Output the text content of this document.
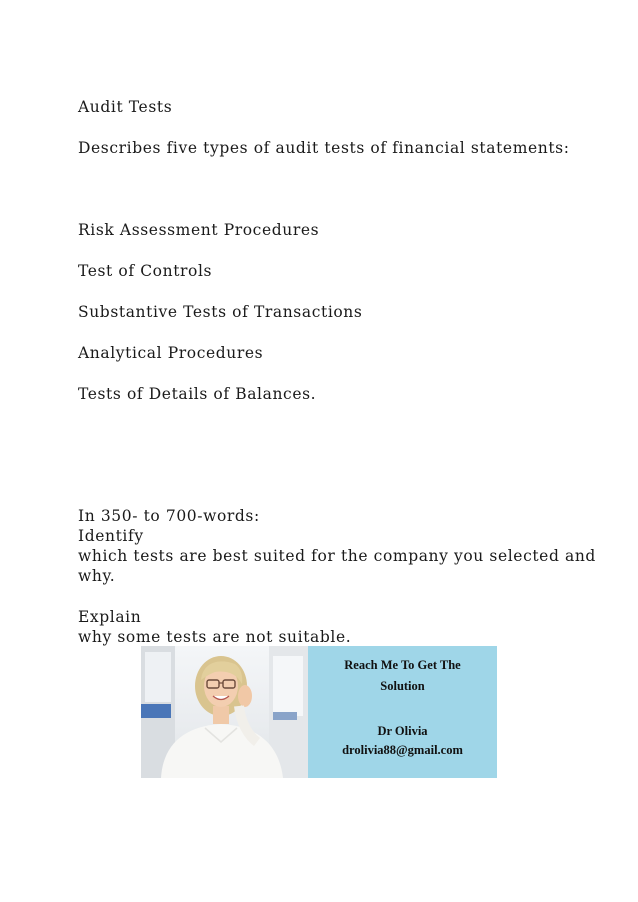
Audit Tests
Describes five types of audit tests of financial statements:
Risk Assessment Procedures
Test of Controls
Substantive Tests of Transactions
Analytical Procedures
Tests of Details of Balances.
In 350- to 700-words:
Identify
which tests are best suited for the company you selected and
why.
Explain
why some tests are not suitable.
Reach Me To Get The
Solution
Dr Olivia
drolivia88@gmail.com
